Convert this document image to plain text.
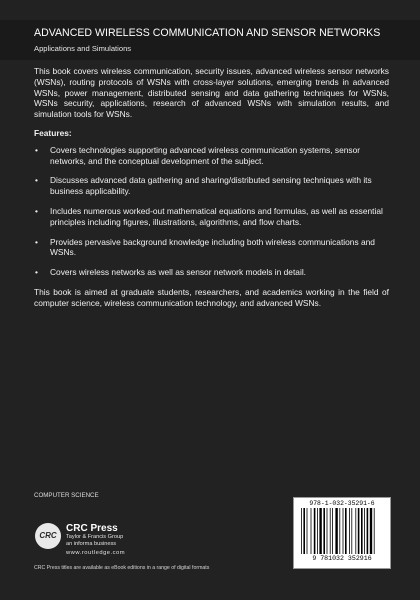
ADVANCED WIRELESS COMMUNICATION AND SENSOR NETWORKS
Applications and Simulations

This book covers wireless communication, security issues, advanced wireless sensor networks (WSNs), routing protocols of WSNs with cross-layer solutions, emerging trends in advanced WSNs, power management, distributed sensing and data gathering techniques for WSNs, WSNs security, applications, research of advanced WSNs with simulation results, and simulation tools for WSNs.

Features:

• Covers technologies supporting advanced wireless communication systems, sensor networks, and the conceptual development of the subject.
• Discusses advanced data gathering and sharing/distributed sensing techniques with its business applicability.
• Includes numerous worked-out mathematical equations and formulas, as well as essential principles including figures, illustrations, algorithms, and flow charts.
• Provides pervasive background knowledge including both wireless communications and WSNs.
• Covers wireless networks as well as sensor network models in detail.

This book is aimed at graduate students, researchers, and academics working in the field of computer science, wireless communication technology, and advanced WSNs.

COMPUTER SCIENCE
CRC
CRC Press
Taylor & Francis Group
an informa business
www.routledge.com
CRC Press titles are available as eBook editions in a range of digital formats
978-1-032-35291-6
9 781032 352916
